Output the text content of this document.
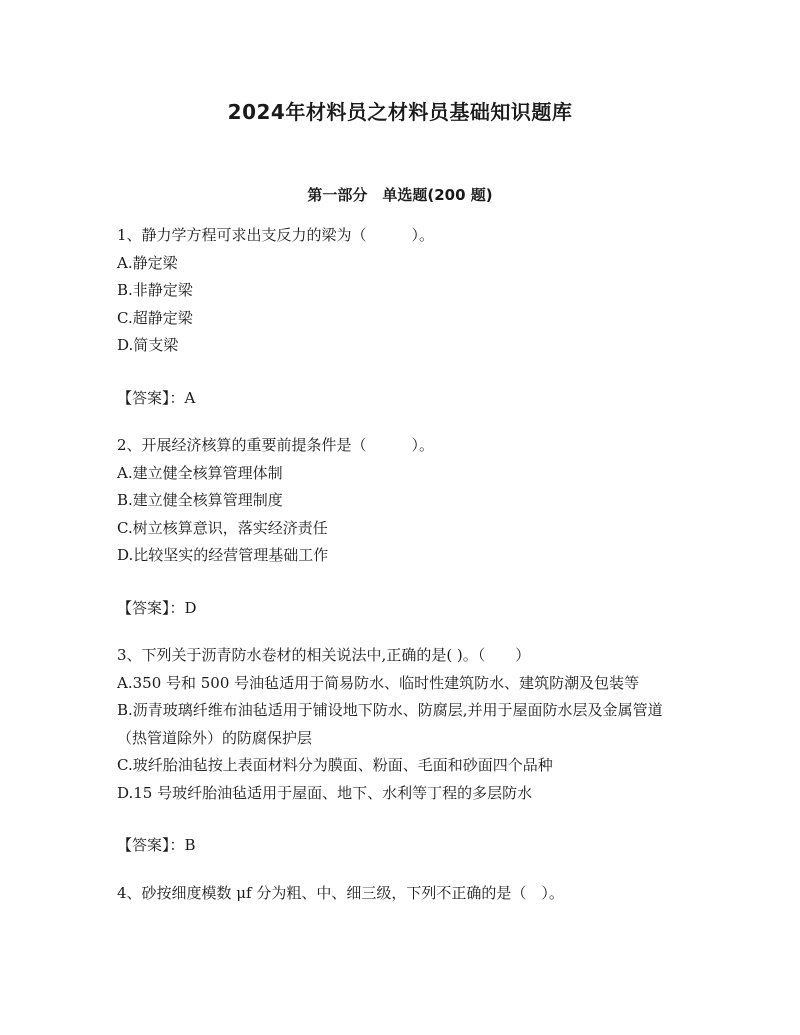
2024年材料员之材料员基础知识题库
第一部分　单选题(200 题)

1、静力学方程可求出支反力的梁为（　　　）。

A.静定梁

B.非静定梁

C.超静定梁

D.简支梁

【答案】：A

2、开展经济核算的重要前提条件是（　　　）。

A.建立健全核算管理体制

B.建立健全核算管理制度

C.树立核算意识，落实经济责任

D.比较坚实的经营管理基础工作

【答案】：D

3、下列关于沥青防水卷材的相关说法中,正确的是( )。（　　）

A.350 号和 500 号油毡适用于简易防水、临时性建筑防水、建筑防潮及包装等

B.沥青玻璃纤维布油毡适用于铺设地下防水、防腐层,并用于屋面防水层及金属管道（热管道除外）的防腐保护层

C.玻纤胎油毡按上表面材料分为膜面、粉面、毛面和砂面四个品种

D.15 号玻纤胎油毡适用于屋面、地下、水利等丁程的多层防水

【答案】：B

4、砂按细度模数 μf 分为粗、中、细三级，下列不正确的是（　）。
